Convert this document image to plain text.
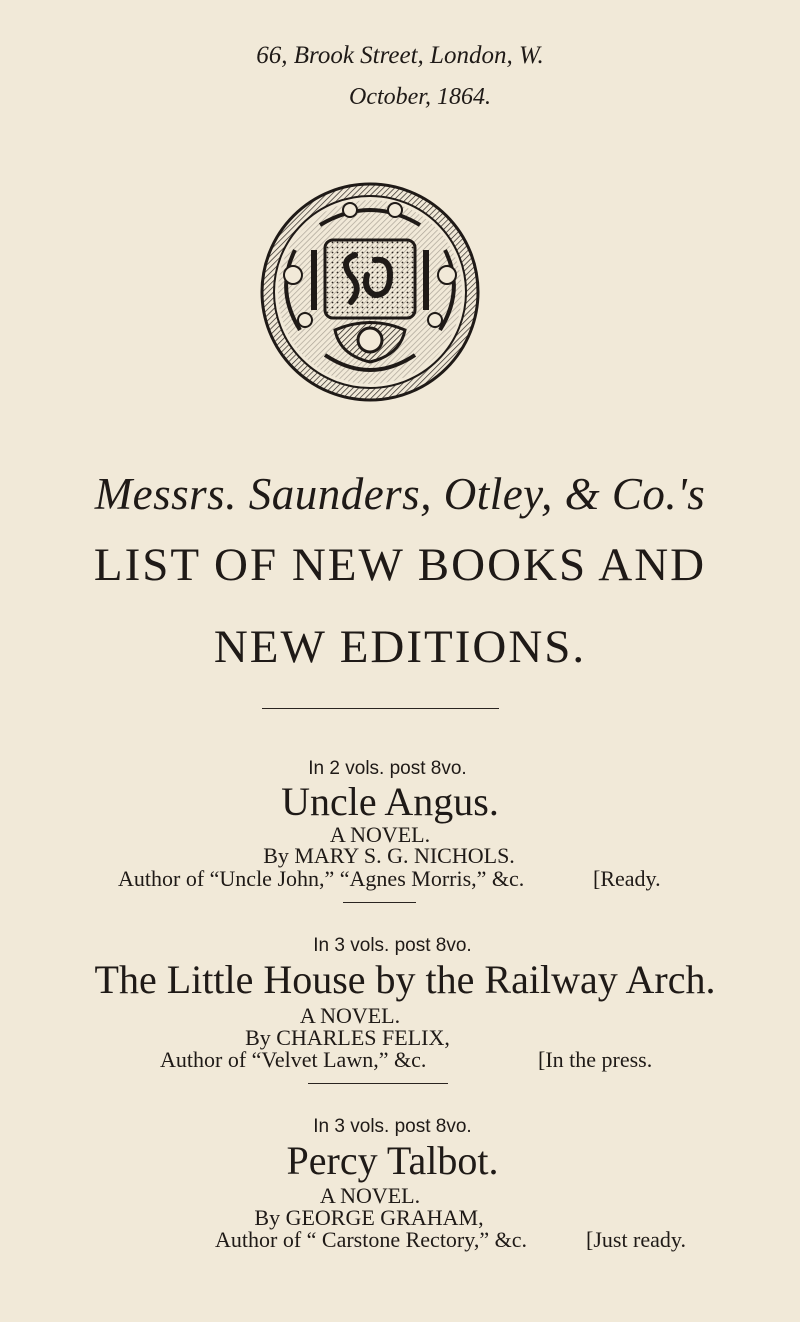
66, Brook Street, London, W.
October, 1864.
Messrs. Saunders, Otley, & Co.'s
LIST OF NEW BOOKS AND
NEW EDITIONS.
In 2 vols. post 8vo.
Uncle Angus.
A NOVEL.
By MARY S. G. NICHOLS.
Author of “Uncle John,” “Agnes Morris,” &c.	[Ready.
In 3 vols. post 8vo.
The Little House by the Railway Arch.
A NOVEL.
By CHARLES FELIX,
Author of “Velvet Lawn,” &c.	[In the press.
In 3 vols. post 8vo.
Percy Talbot.
A NOVEL.
By GEORGE GRAHAM,
Author of “ Carstone Rectory,” &c.	[Just ready.
